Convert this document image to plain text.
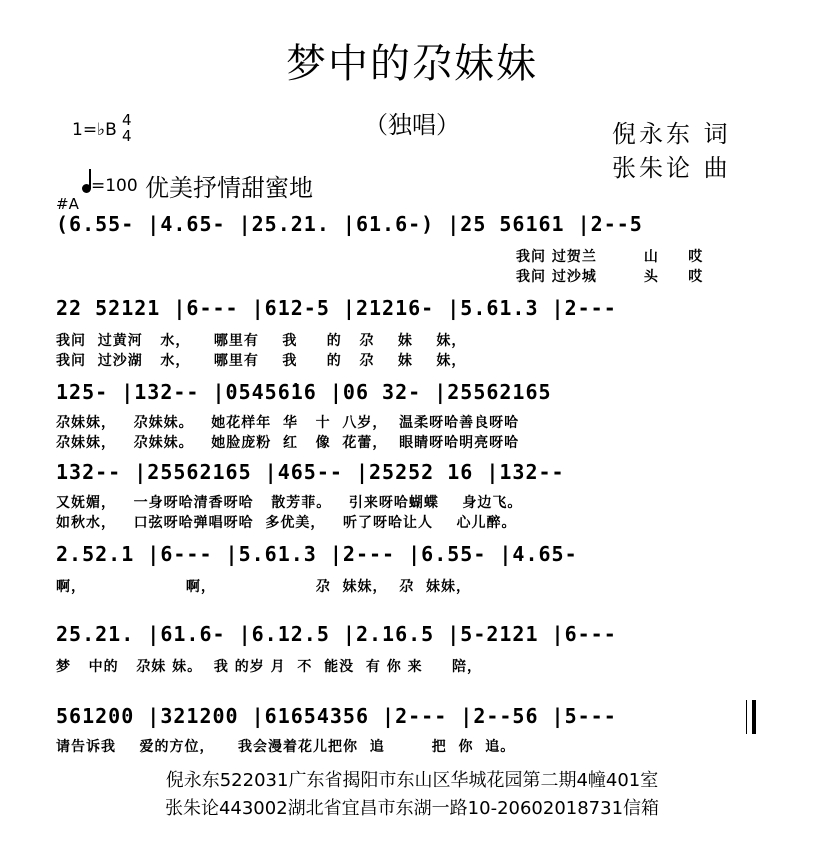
梦中的尕妹妹
（独唱）
1=♭B 4
4	倪永东 词
张朱论 曲
=100 优美抒情甜蜜地
#A
(6.55- |4.65- |25.21. |61.6-) |25 56161 |2--5
我问 过贺兰        山     哎
我问 过沙城        头     哎
22 52121 |6--- |612-5 |21216- |5.61.3 |2---
我问  过黄河   水，    哪里有    我     的   尕    妹    妹，
我问  过沙湖   水，    哪里有    我     的   尕    妹    妹，
125- |132-- |05456̇16 |06 32- |25562165
尕妹妹，   尕妹妹。   她花样年  华   十  八岁，  温柔呀哈善良呀哈
尕妹妹，   尕妹妹。   她脸庞粉  红   像  花蕾，  眼睛呀哈明亮呀哈
132-- |25562165 |465-- |25252 16 |132--
又妩媚，   一身呀哈清香呀哈   散芳菲。   引来呀哈蝴蝶    身边飞。
如秋水，   口弦呀哈弹唱呀哈  多优美，   听了呀哈让人    心儿醉。
2.52.1 |6--- |5.61.3 |2--- |6.55- |4.65-
啊，                 啊，                 尕  妹妹，  尕  妹妹，
25.21. |61.6- |6.12.5 |2.16.5 |5-2121 |6---
梦   中的   尕妹 妹。  我 的岁 月  不  能没  有 你 来     陪，
561200 |321200 |61654356 |2--- |2--56 |5---
请告诉我    爱的方位，    我会漫着花儿把你  追        把  你  追。
倪永东522031广东省揭阳市东山区华城花园第二期4幢401室
张朱论443002湖北省宜昌市东湖一路10-20602018731信箱
